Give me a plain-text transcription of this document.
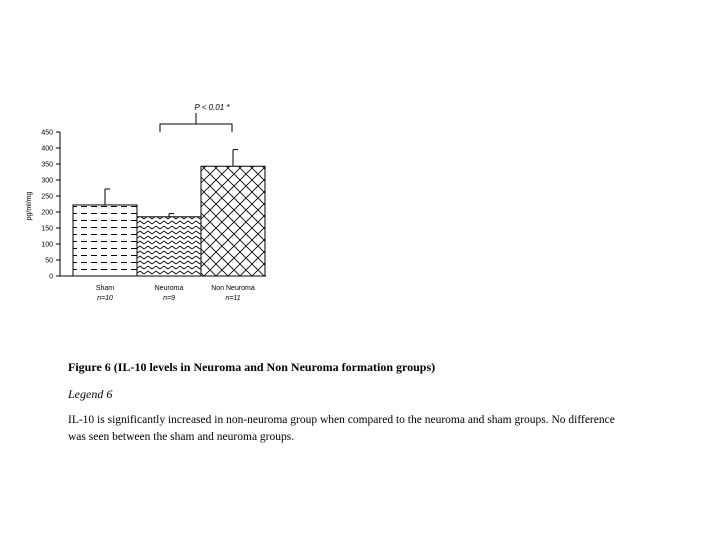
0
50
100
150
200
250
300
350
400
450
pg/ml/mg
Sham
n=10
Neuroma
n=9
Non Neuroma
n=11
P < 0.01 *
Figure 6 (IL-10 levels in Neuroma and Non Neuroma formation groups)
Legend 6
IL-10 is significantly increased in non-neuroma group when compared to the neuroma and sham groups. No difference was seen between the sham and neuroma groups.
